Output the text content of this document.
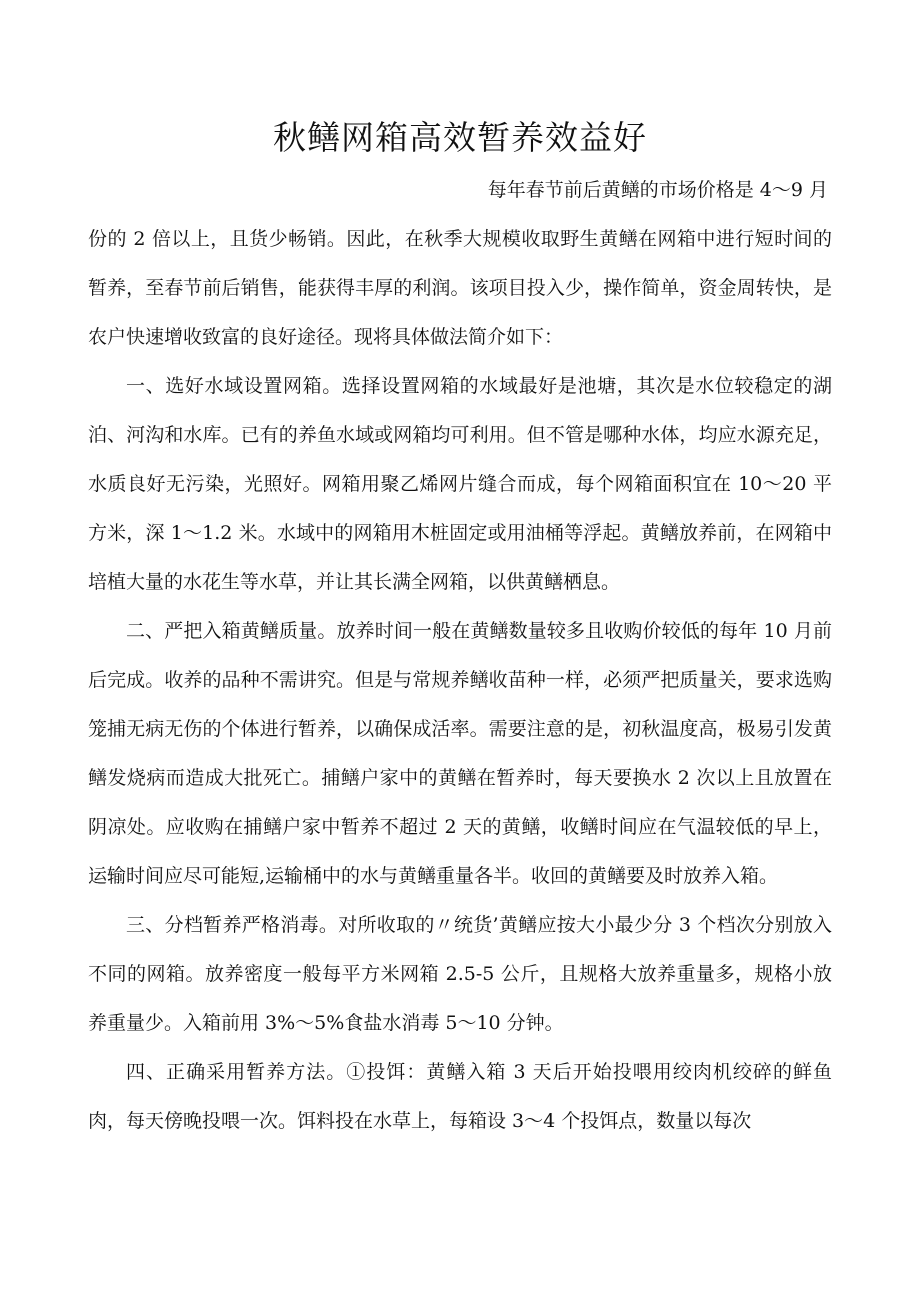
秋鳝网箱高效暂养效益好

每年春节前后黄鳝的市场价格是 4～9 月

份的 2 倍以上，且货少畅销。因此，在秋季大规模收取野生黄鳝在网箱中进行短时间的暂养，至春节前后销售，能获得丰厚的利润。该项目投入少，操作简单，资金周转快，是农户快速增收致富的良好途径。现将具体做法简介如下：

一、选好水域设置网箱。选择设置网箱的水域最好是池塘，其次是水位较稳定的湖泊、河沟和水库。已有的养鱼水域或网箱均可利用。但不管是哪种水体，均应水源充足，水质良好无污染，光照好。网箱用聚乙烯网片缝合而成，每个网箱面积宜在 10～20 平方米，深 1～1.2 米。水域中的网箱用木桩固定或用油桶等浮起。黄鳝放养前，在网箱中培植大量的水花生等水草，并让其长满全网箱，以供黄鳝栖息。

二、严把入箱黄鳝质量。放养时间一般在黄鳝数量较多且收购价较低的每年 10 月前后完成。收养的品种不需讲究。但是与常规养鳝收苗种一样，必须严把质量关，要求选购笼捕无病无伤的个体进行暂养，以确保成活率。需要注意的是，初秋温度高，极易引发黄鳝发烧病而造成大批死亡。捕鳝户家中的黄鳝在暂养时，每天要换水 2 次以上且放置在阴凉处。应收购在捕鳝户家中暂养不超过 2 天的黄鳝，收鳝时间应在气温较低的早上，运输时间应尽可能短,运输桶中的水与黄鳝重量各半。收回的黄鳝要及时放养入箱。

三、分档暂养严格消毒。对所收取的〃统货’黄鳝应按大小最少分 3 个档次分别放入不同的网箱。放养密度一般每平方米网箱 2.5-5 公斤，且规格大放养重量多，规格小放养重量少。入箱前用 3%～5%食盐水消毒 5～10 分钟。

四、正确采用暂养方法。①投饵：黄鳝入箱 3 天后开始投喂用绞肉机绞碎的鲜鱼肉，每天傍晚投喂一次。饵料投在水草上，每箱设 3～4 个投饵点，数量以每次
